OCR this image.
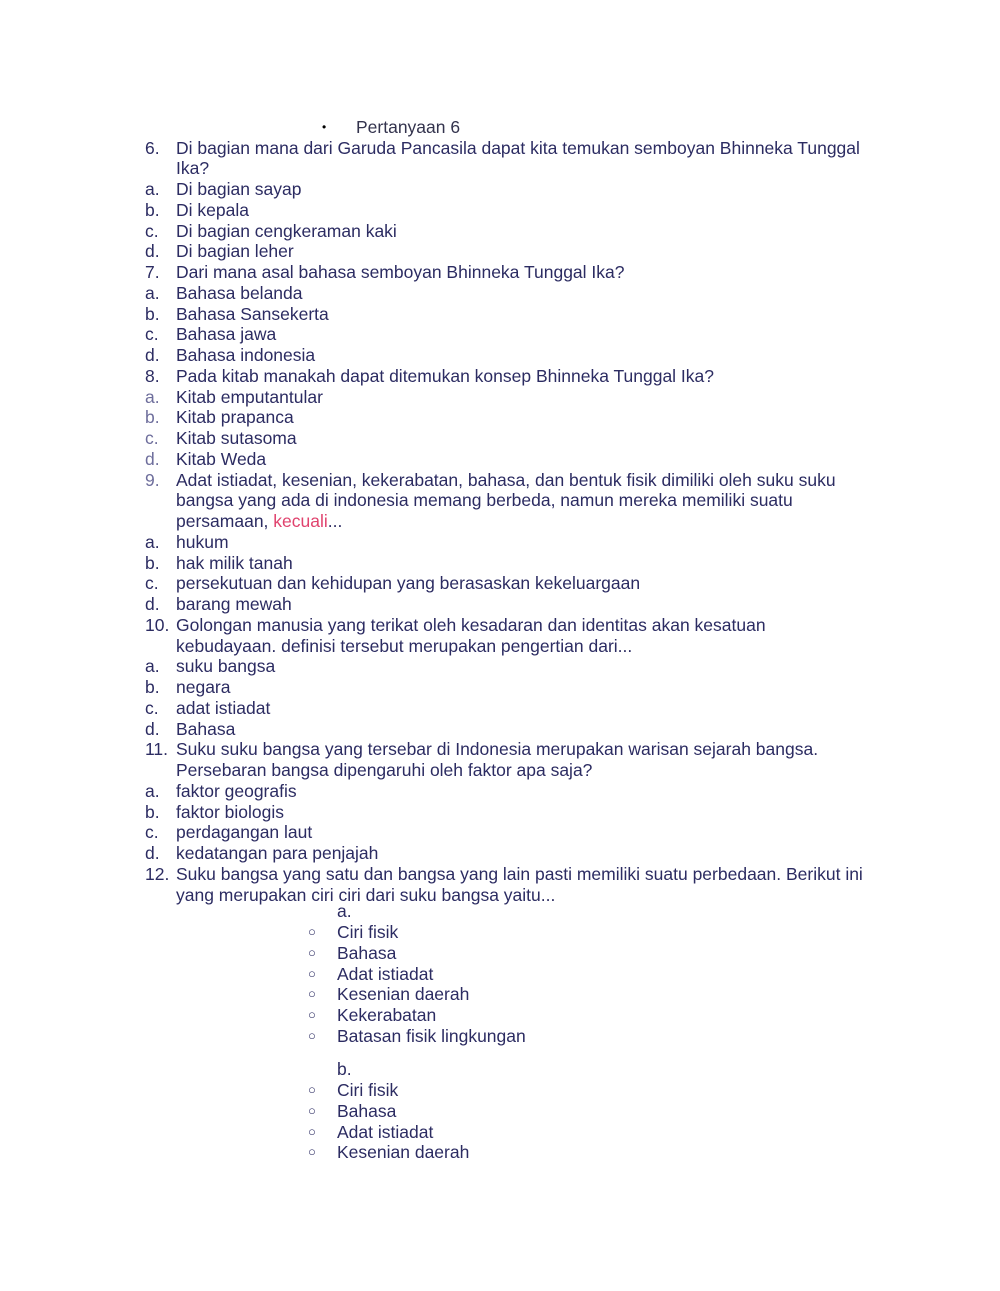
•	Pertanyaan 6
6. Di bagian mana dari Garuda Pancasila dapat kita temukan semboyan Bhinneka Tunggal
Ika?
a. Di bagian sayap
b. Di kepala
c. Di bagian cengkeraman kaki
d. Di bagian leher
7. Dari mana asal bahasa semboyan Bhinneka Tunggal Ika?
a. Bahasa belanda
b. Bahasa Sansekerta
c. Bahasa jawa
d. Bahasa indonesia
8. Pada kitab manakah dapat ditemukan konsep Bhinneka Tunggal Ika?
a. Kitab emputantular
b. Kitab prapanca
c. Kitab sutasoma
d. Kitab Weda
9. Adat istiadat, kesenian, kekerabatan, bahasa, dan bentuk fisik dimiliki oleh suku suku
bangsa yang ada di indonesia memang berbeda, namun mereka memiliki suatu
persamaan, kecuali...
a. hukum
b. hak milik tanah
c. persekutuan dan kehidupan yang berasaskan kekeluargaan
d. barang mewah
10. Golongan manusia yang terikat oleh kesadaran dan identitas akan kesatuan
kebudayaan. definisi tersebut merupakan pengertian dari...
a. suku bangsa
b. negara
c. adat istiadat
d. Bahasa
11. Suku suku bangsa yang tersebar di Indonesia merupakan warisan sejarah bangsa.
Persebaran bangsa dipengaruhi oleh faktor apa saja?
a. faktor geografis
b. faktor biologis
c. perdagangan laut
d. kedatangan para penjajah
12. Suku bangsa yang satu dan bangsa yang lain pasti memiliki suatu perbedaan. Berikut ini
yang merupakan ciri ciri dari suku bangsa yaitu...
a.
○ Ciri fisik
○ Bahasa
○ Adat istiadat
○ Kesenian daerah
○ Kekerabatan
○ Batasan fisik lingkungan
b.
○ Ciri fisik
○ Bahasa
○ Adat istiadat
○ Kesenian daerah
